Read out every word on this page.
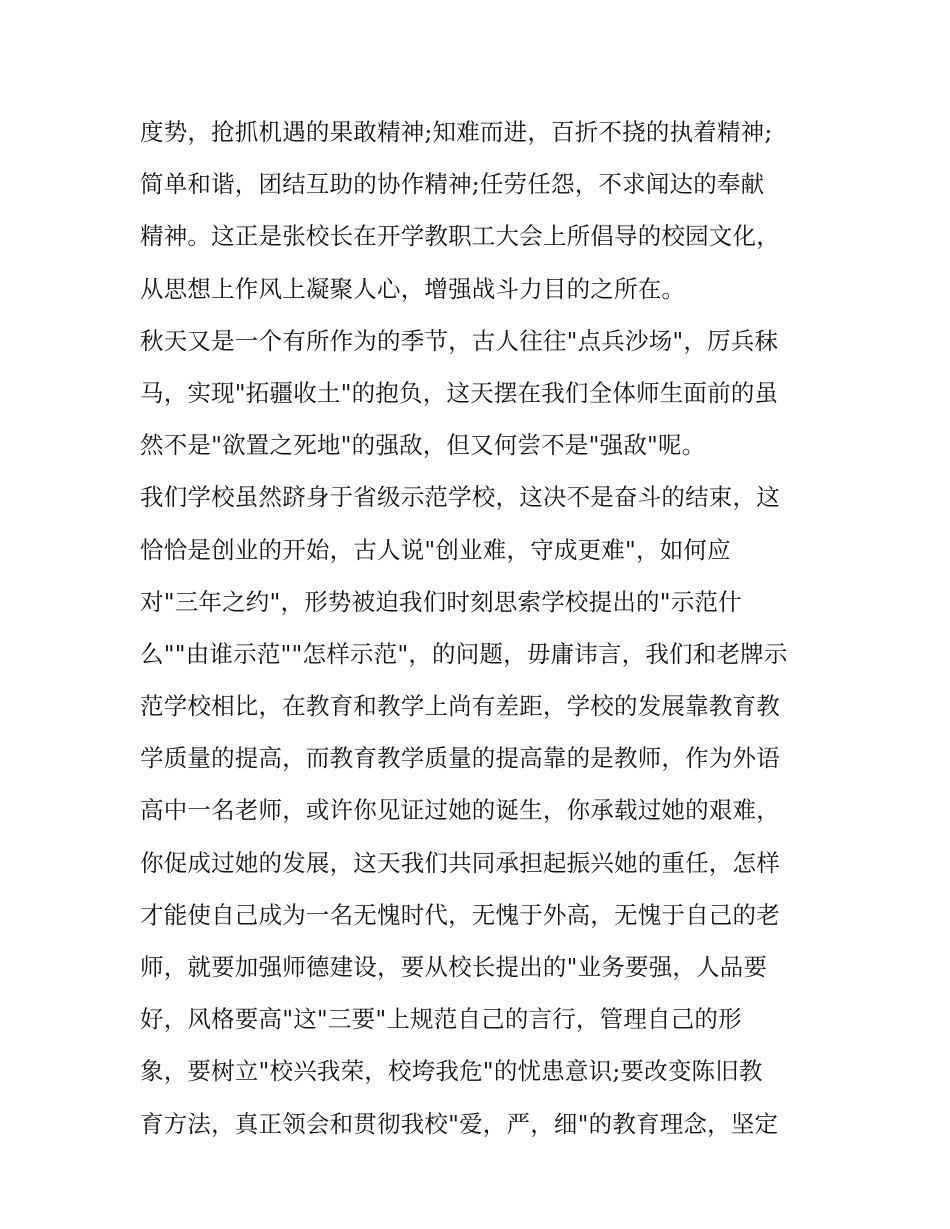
度势，抢抓机遇的果敢精神;知难而进，百折不挠的执着精神;
简单和谐，团结互助的协作精神;任劳任怨，不求闻达的奉献
精神。这正是张校长在开学教职工大会上所倡导的校园文化，
从思想上作风上凝聚人心，增强战斗力目的之所在。
秋天又是一个有所作为的季节，古人往往"点兵沙场"，厉兵秣
马，实现"拓疆收土"的抱负，这天摆在我们全体师生面前的虽
然不是"欲置之死地"的强敌，但又何尝不是"强敌"呢。
我们学校虽然跻身于省级示范学校，这决不是奋斗的结束，这
恰恰是创业的开始，古人说"创业难，守成更难"，如何应
对"三年之约"，形势被迫我们时刻思索学校提出的"示范什
么""由谁示范""怎样示范"，的问题，毋庸讳言，我们和老牌示
范学校相比，在教育和教学上尚有差距，学校的发展靠教育教
学质量的提高，而教育教学质量的提高靠的是教师，作为外语
高中一名老师，或许你见证过她的诞生，你承载过她的艰难，
你促成过她的发展，这天我们共同承担起振兴她的重任，怎样
才能使自己成为一名无愧时代，无愧于外高，无愧于自己的老
师，就要加强师德建设，要从校长提出的"业务要强，人品要
好，风格要高"这"三要"上规范自己的言行，管理自己的形
象，要树立"校兴我荣，校垮我危"的忧患意识;要改变陈旧教
育方法，真正领会和贯彻我校"爱，严，细"的教育理念，坚定
